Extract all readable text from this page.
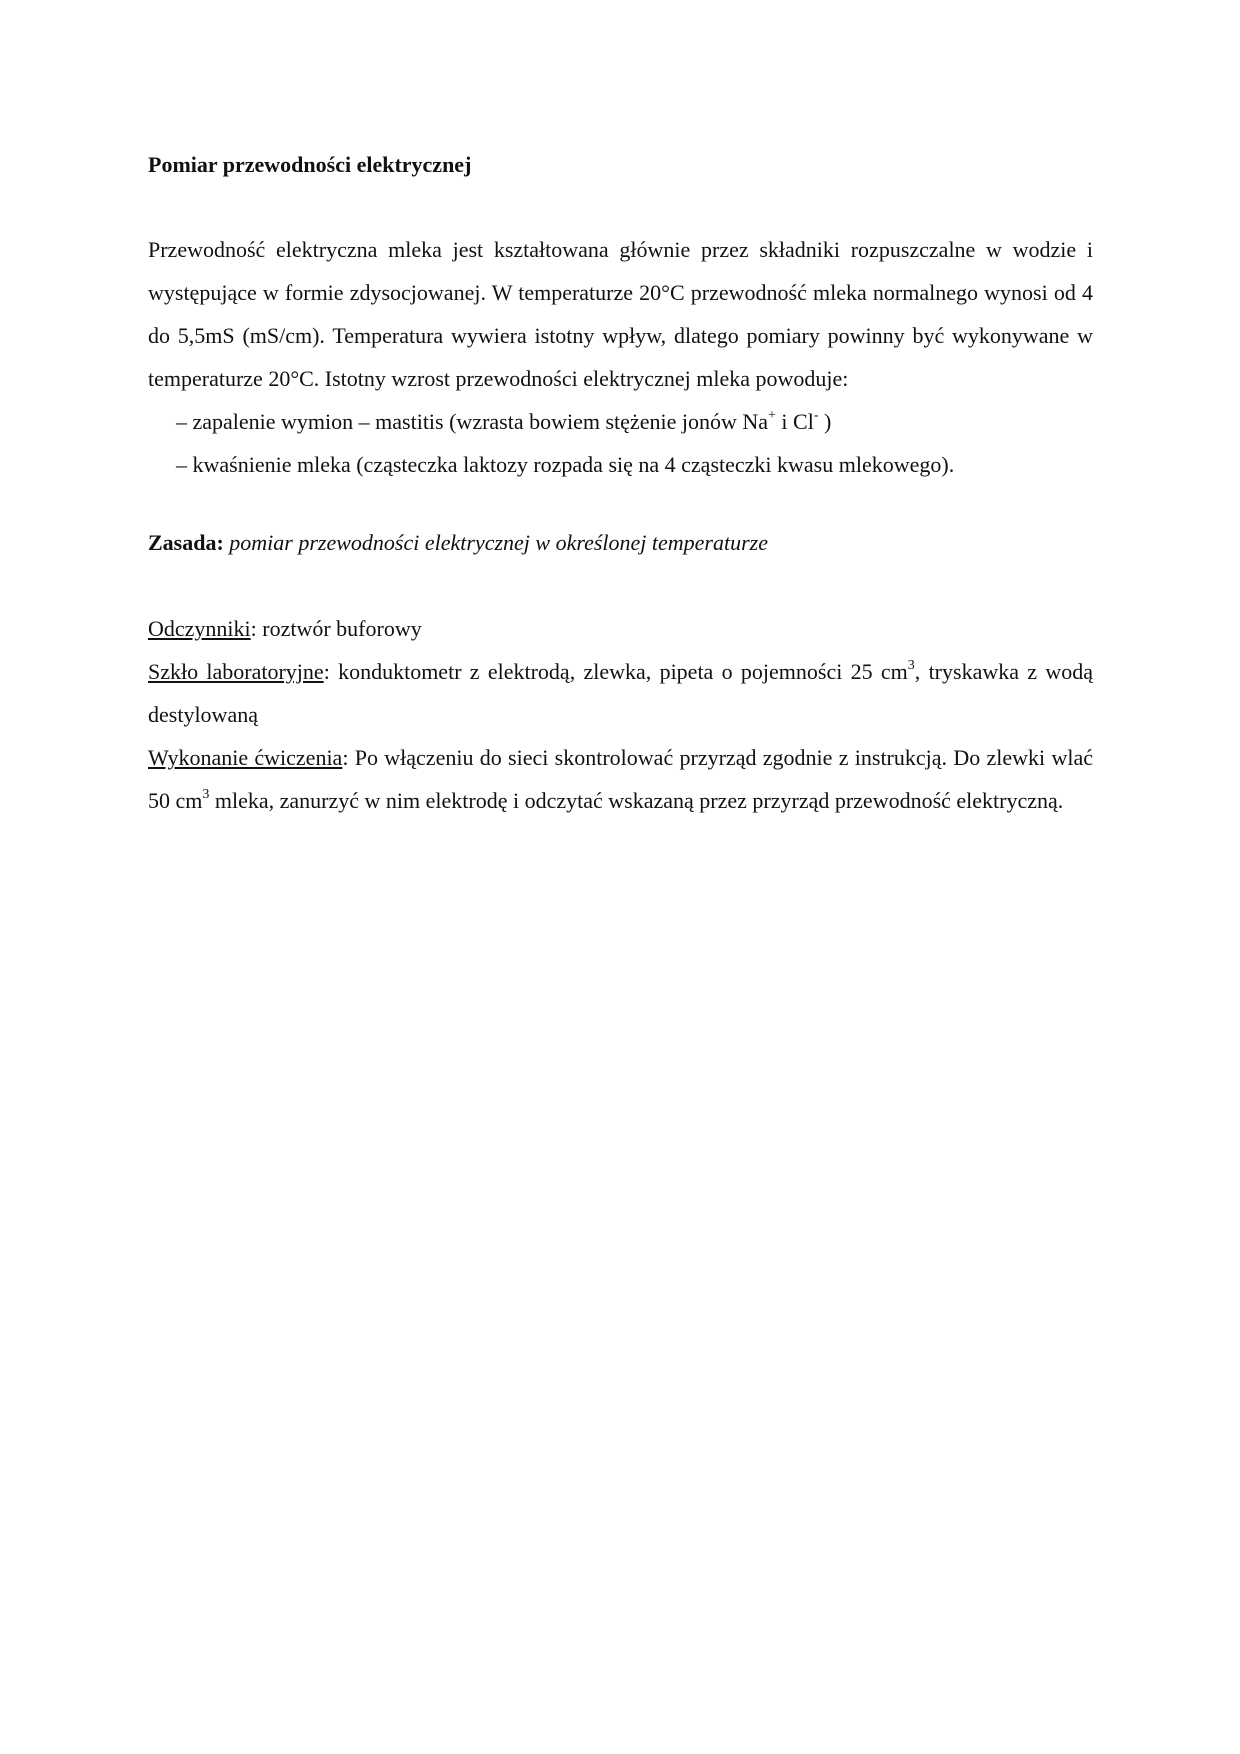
Pomiar przewodności elektrycznej

Przewodność elektryczna mleka jest kształtowana głównie przez składniki rozpuszczalne w wodzie i występujące w formie zdysocjowanej. W temperaturze 20°C przewodność mleka normalnego wynosi od 4 do 5,5mS (mS/cm). Temperatura wywiera istotny wpływ, dlatego pomiary powinny być wykonywane w temperaturze 20°C. Istotny wzrost przewodności elektrycznej mleka powoduje:

– zapalenie wymion – mastitis (wzrasta bowiem stężenie jonów Na+ i Cl- )
– kwaśnienie mleka (cząsteczka laktozy rozpada się na 4 cząsteczki kwasu mlekowego).

Zasada: pomiar przewodności elektrycznej w określonej temperaturze

Odczynniki: roztwór buforowy
Szkło laboratoryjne: konduktometr z elektrodą, zlewka, pipeta o pojemności 25 $cm^3$, tryskawka z wodą destylowaną
Wykonanie ćwiczenia: Po włączeniu do sieci skontrolować przyrząd zgodnie z instrukcją. Do zlewki wlać 50 $cm^3$ mleka, zanurzyć w nim elektrodę i odczytać wskazaną przez przyrząd przewodność elektryczną.
